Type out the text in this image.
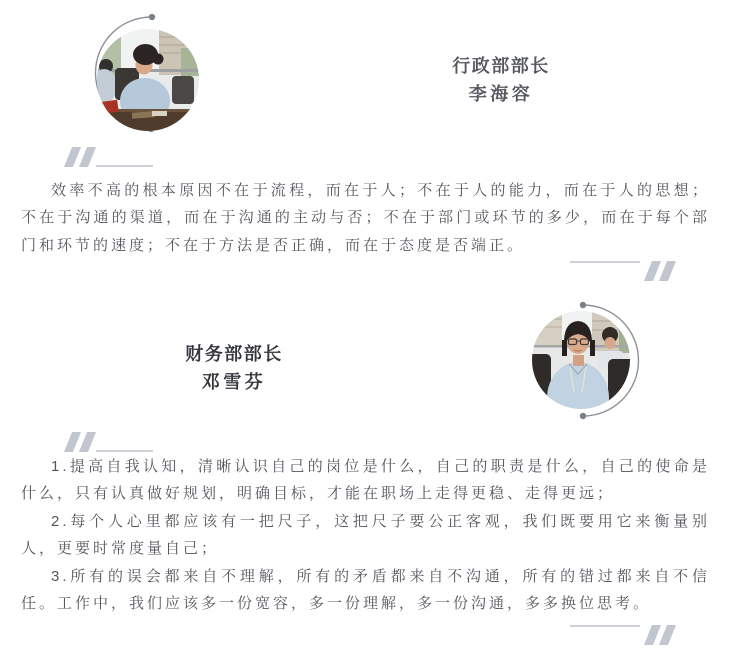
行政部部长
李海容

效率不高的根本原因不在于流程，而在于人；不在于人的能力，而在于人的思想；不在于沟通的渠道，而在于沟通的主动与否；不在于部门或环节的多少，而在于每个部门和环节的速度；不在于方法是否正确，而在于态度是否端正。

财务部部长
邓雪芬

1.提高自我认知，清晰认识自己的岗位是什么，自己的职责是什么，自己的使命是什么，只有认真做好规划，明确目标，才能在职场上走得更稳、走得更远；

2.每个人心里都应该有一把尺子，这把尺子要公正客观，我们既要用它来衡量别人，更要时常度量自己；

3.所有的误会都来自不理解，所有的矛盾都来自不沟通，所有的错过都来自不信任。工作中，我们应该多一份宽容，多一份理解，多一份沟通，多多换位思考。
